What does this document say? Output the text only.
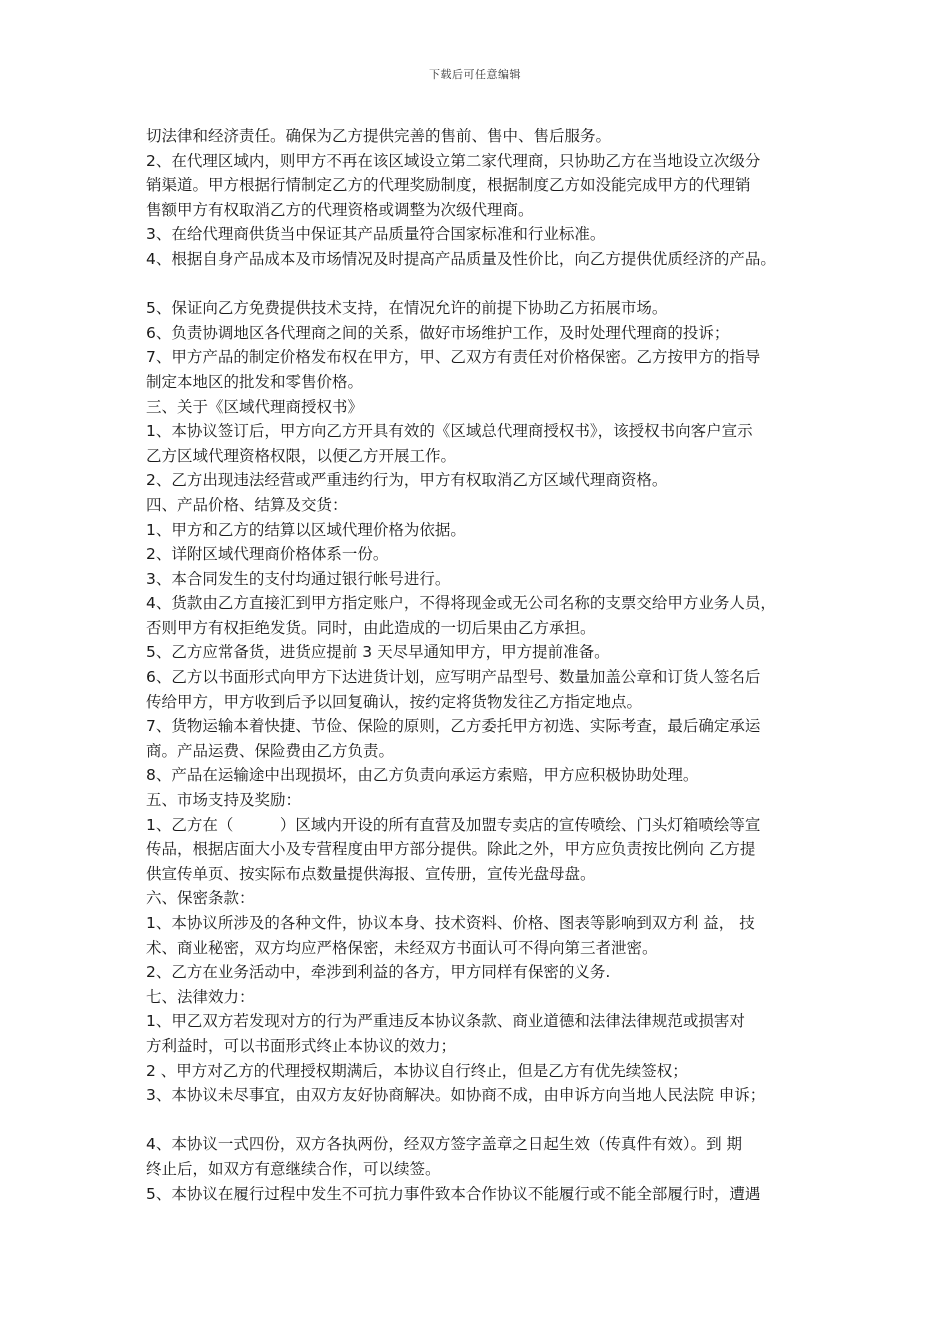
下载后可任意编辑
切法律和经济责任。确保为乙方提供完善的售前、售中、售后服务。
2、在代理区域内，则甲方不再在该区域设立第二家代理商，只协助乙方在当地设立次级分
销渠道。甲方根据行情制定乙方的代理奖励制度，根据制度乙方如没能完成甲方的代理销
售额甲方有权取消乙方的代理资格或调整为次级代理商。
3、在给代理商供货当中保证其产品质量符合国家标准和行业标准。
4、根据自身产品成本及市场情况及时提高产品质量及性价比，向乙方提供优质经济的产品。
5、保证向乙方免费提供技术支持，在情况允许的前提下协助乙方拓展市场。
6、负责协调地区各代理商之间的关系，做好市场维护工作，及时处理代理商的投诉；
7、甲方产品的制定价格发布权在甲方，甲、乙双方有责任对价格保密。乙方按甲方的指导
制定本地区的批发和零售价格。
三、关于《区域代理商授权书》
1、本协议签订后，甲方向乙方开具有效的《区域总代理商授权书》，该授权书向客户宣示
乙方区域代理资格权限，以便乙方开展工作。
2、乙方出现违法经营或严重违约行为，甲方有权取消乙方区域代理商资格。
四、产品价格、结算及交货：
1、甲方和乙方的结算以区域代理价格为依据。
2、详附区域代理商价格体系一份。
3、本合同发生的支付均通过银行帐号进行。
4、货款由乙方直接汇到甲方指定账户，不得将现金或无公司名称的支票交给甲方业务人员，
否则甲方有权拒绝发货。同时，由此造成的一切后果由乙方承担。
5、乙方应常备货，进货应提前 3 天尽早通知甲方，甲方提前准备。
6、乙方以书面形式向甲方下达进货计划，应写明产品型号、数量加盖公章和订货人签名后
传给甲方，甲方收到后予以回复确认，按约定将货物发往乙方指定地点。
7、货物运输本着快捷、节俭、保险的原则，乙方委托甲方初选、实际考查，最后确定承运
商。产品运费、保险费由乙方负责。
8、产品在运输途中出现损坏，由乙方负责向承运方索赔，甲方应积极协助处理。
五、市场支持及奖励：
1、乙方在（　　　）区域内开设的所有直营及加盟专卖店的宣传喷绘、门头灯箱喷绘等宣
传品，根据店面大小及专营程度由甲方部分提供。除此之外，甲方应负责按比例向 乙方提
供宣传单页、按实际布点数量提供海报、宣传册，宣传光盘母盘。
六、保密条款：
1、本协议所涉及的各种文件，协议本身、技术资料、价格、图表等影响到双方利 益， 技
术、商业秘密，双方均应严格保密，未经双方书面认可不得向第三者泄密。
2、乙方在业务活动中，牵涉到利益的各方，甲方同样有保密的义务.
七、法律效力：
1、甲乙双方若发现对方的行为严重违反本协议条款、商业道德和法律法律规范或损害对
方利益时，可以书面形式终止本协议的效力；
2 、甲方对乙方的代理授权期满后，本协议自行终止，但是乙方有优先续签权；
3、本协议未尽事宜，由双方友好协商解决。如协商不成，由申诉方向当地人民法院 申诉；
4、本协议一式四份，双方各执两份，经双方签字盖章之日起生效（传真件有效）。到 期
终止后，如双方有意继续合作，可以续签。
5、本协议在履行过程中发生不可抗力事件致本合作协议不能履行或不能全部履行时，遭遇
